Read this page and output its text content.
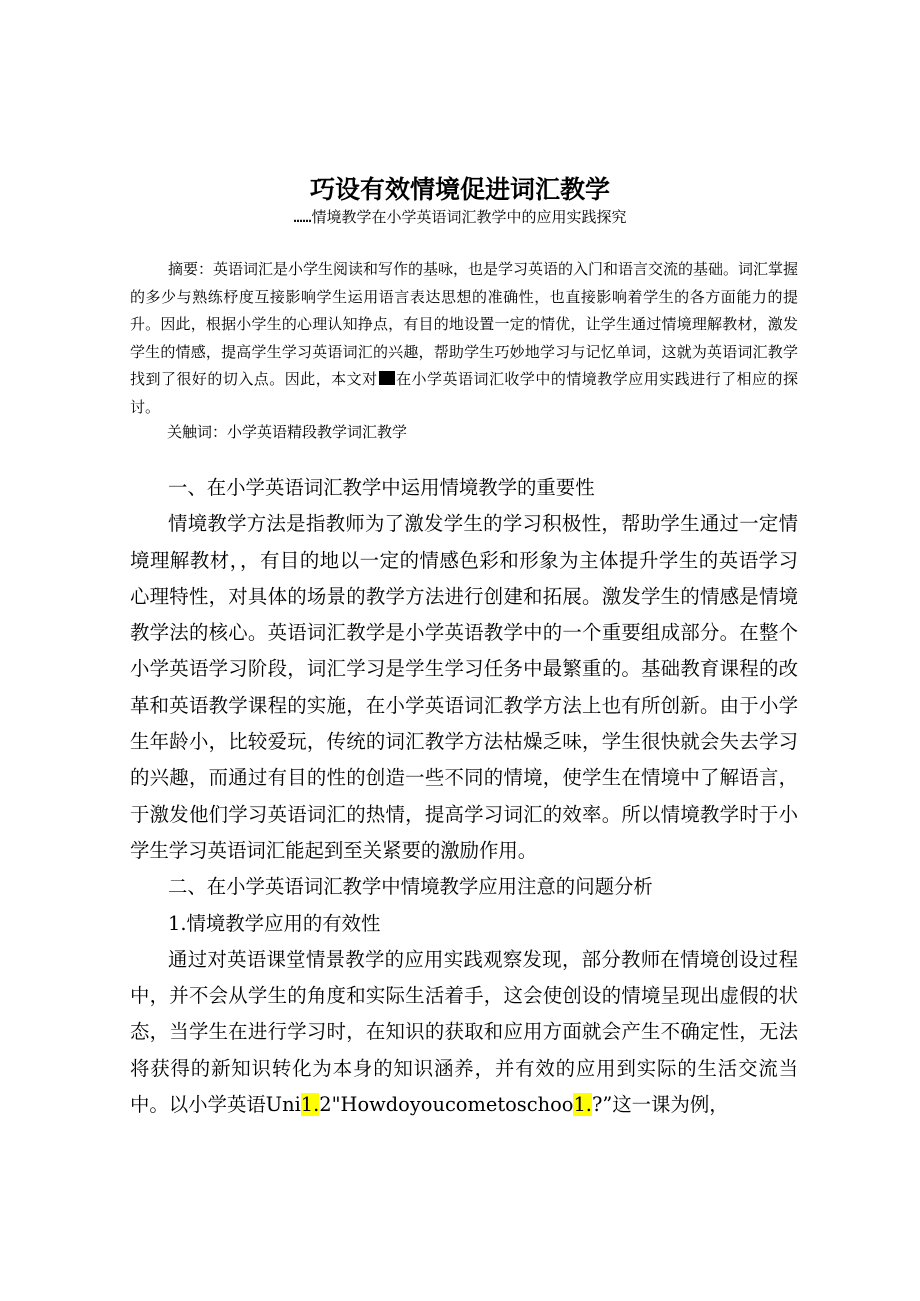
巧设有效情境促进词汇教学
……情境教学在小学英语词汇教学中的应用实践探究

摘要：英语词汇是小学生阅读和写作的基咏，也是学习英语的入门和语言交流的基础。词汇掌握的多少与熟练杼度互接影响学生运用语言表达思想的准确性，也直接影响着学生的各方面能力的提升。因此，根据小学生的心理认知挣点，有目的地设置一定的情优，让学生通过情境理解教材，激发学生的情感，提高学生学习英语词汇的兴趣，帮助学生巧妙地学习与记忆单词，这就为英语词汇教学找到了很好的切入点。因此，本文对 在小学英语词汇收学中的情境教学应用实践进行了相应的探讨。

关触词：小学英语精段教学词汇教学

一、在小学英语词汇教学中运用情境教学的重要性

情境教学方法是指教师为了激发学生的学习积极性，帮助学生通过一定情境理解教材，，有目的地以一定的情感色彩和形象为主体提升学生的英语学习心理特性，对具体的场景的教学方法进行创建和拓展。激发学生的情感是情境教学法的核心。英语词汇教学是小学英语教学中的一个重要组成部分。在整个小学英语学习阶段，词汇学习是学生学习任务中最繁重的。基础教育课程的改革和英语教学课程的实施，在小学英语词汇教学方法上也有所创新。由于小学生年龄小，比较爱玩，传统的词汇教学方法枯燥乏味，学生很快就会失去学习的兴趣，而通过有目的性的创造一些不同的情境，使学生在情境中了解语言，于激发他们学习英语词汇的热情，提高学习词汇的效率。所以情境教学时于小学生学习英语词汇能起到至关紧要的激励作用。

二、在小学英语词汇教学中情境教学应用注意的问题分析

1.情境教学应用的有效性

通过对英语课堂情景教学的应用实践观察发现，部分教师在情境创设过程中，并不会从学生的角度和实际生活着手，这会使创设的情境呈现出虚假的状态，当学生在进行学习时，在知识的获取和应用方面就会产生不确定性，无法将获得的新知识转化为本身的知识涵养，并有效的应用到实际的生活交流当中。以小学英语Uni1.2"Howdoyoucometoschoo1.?”这一课为例，
